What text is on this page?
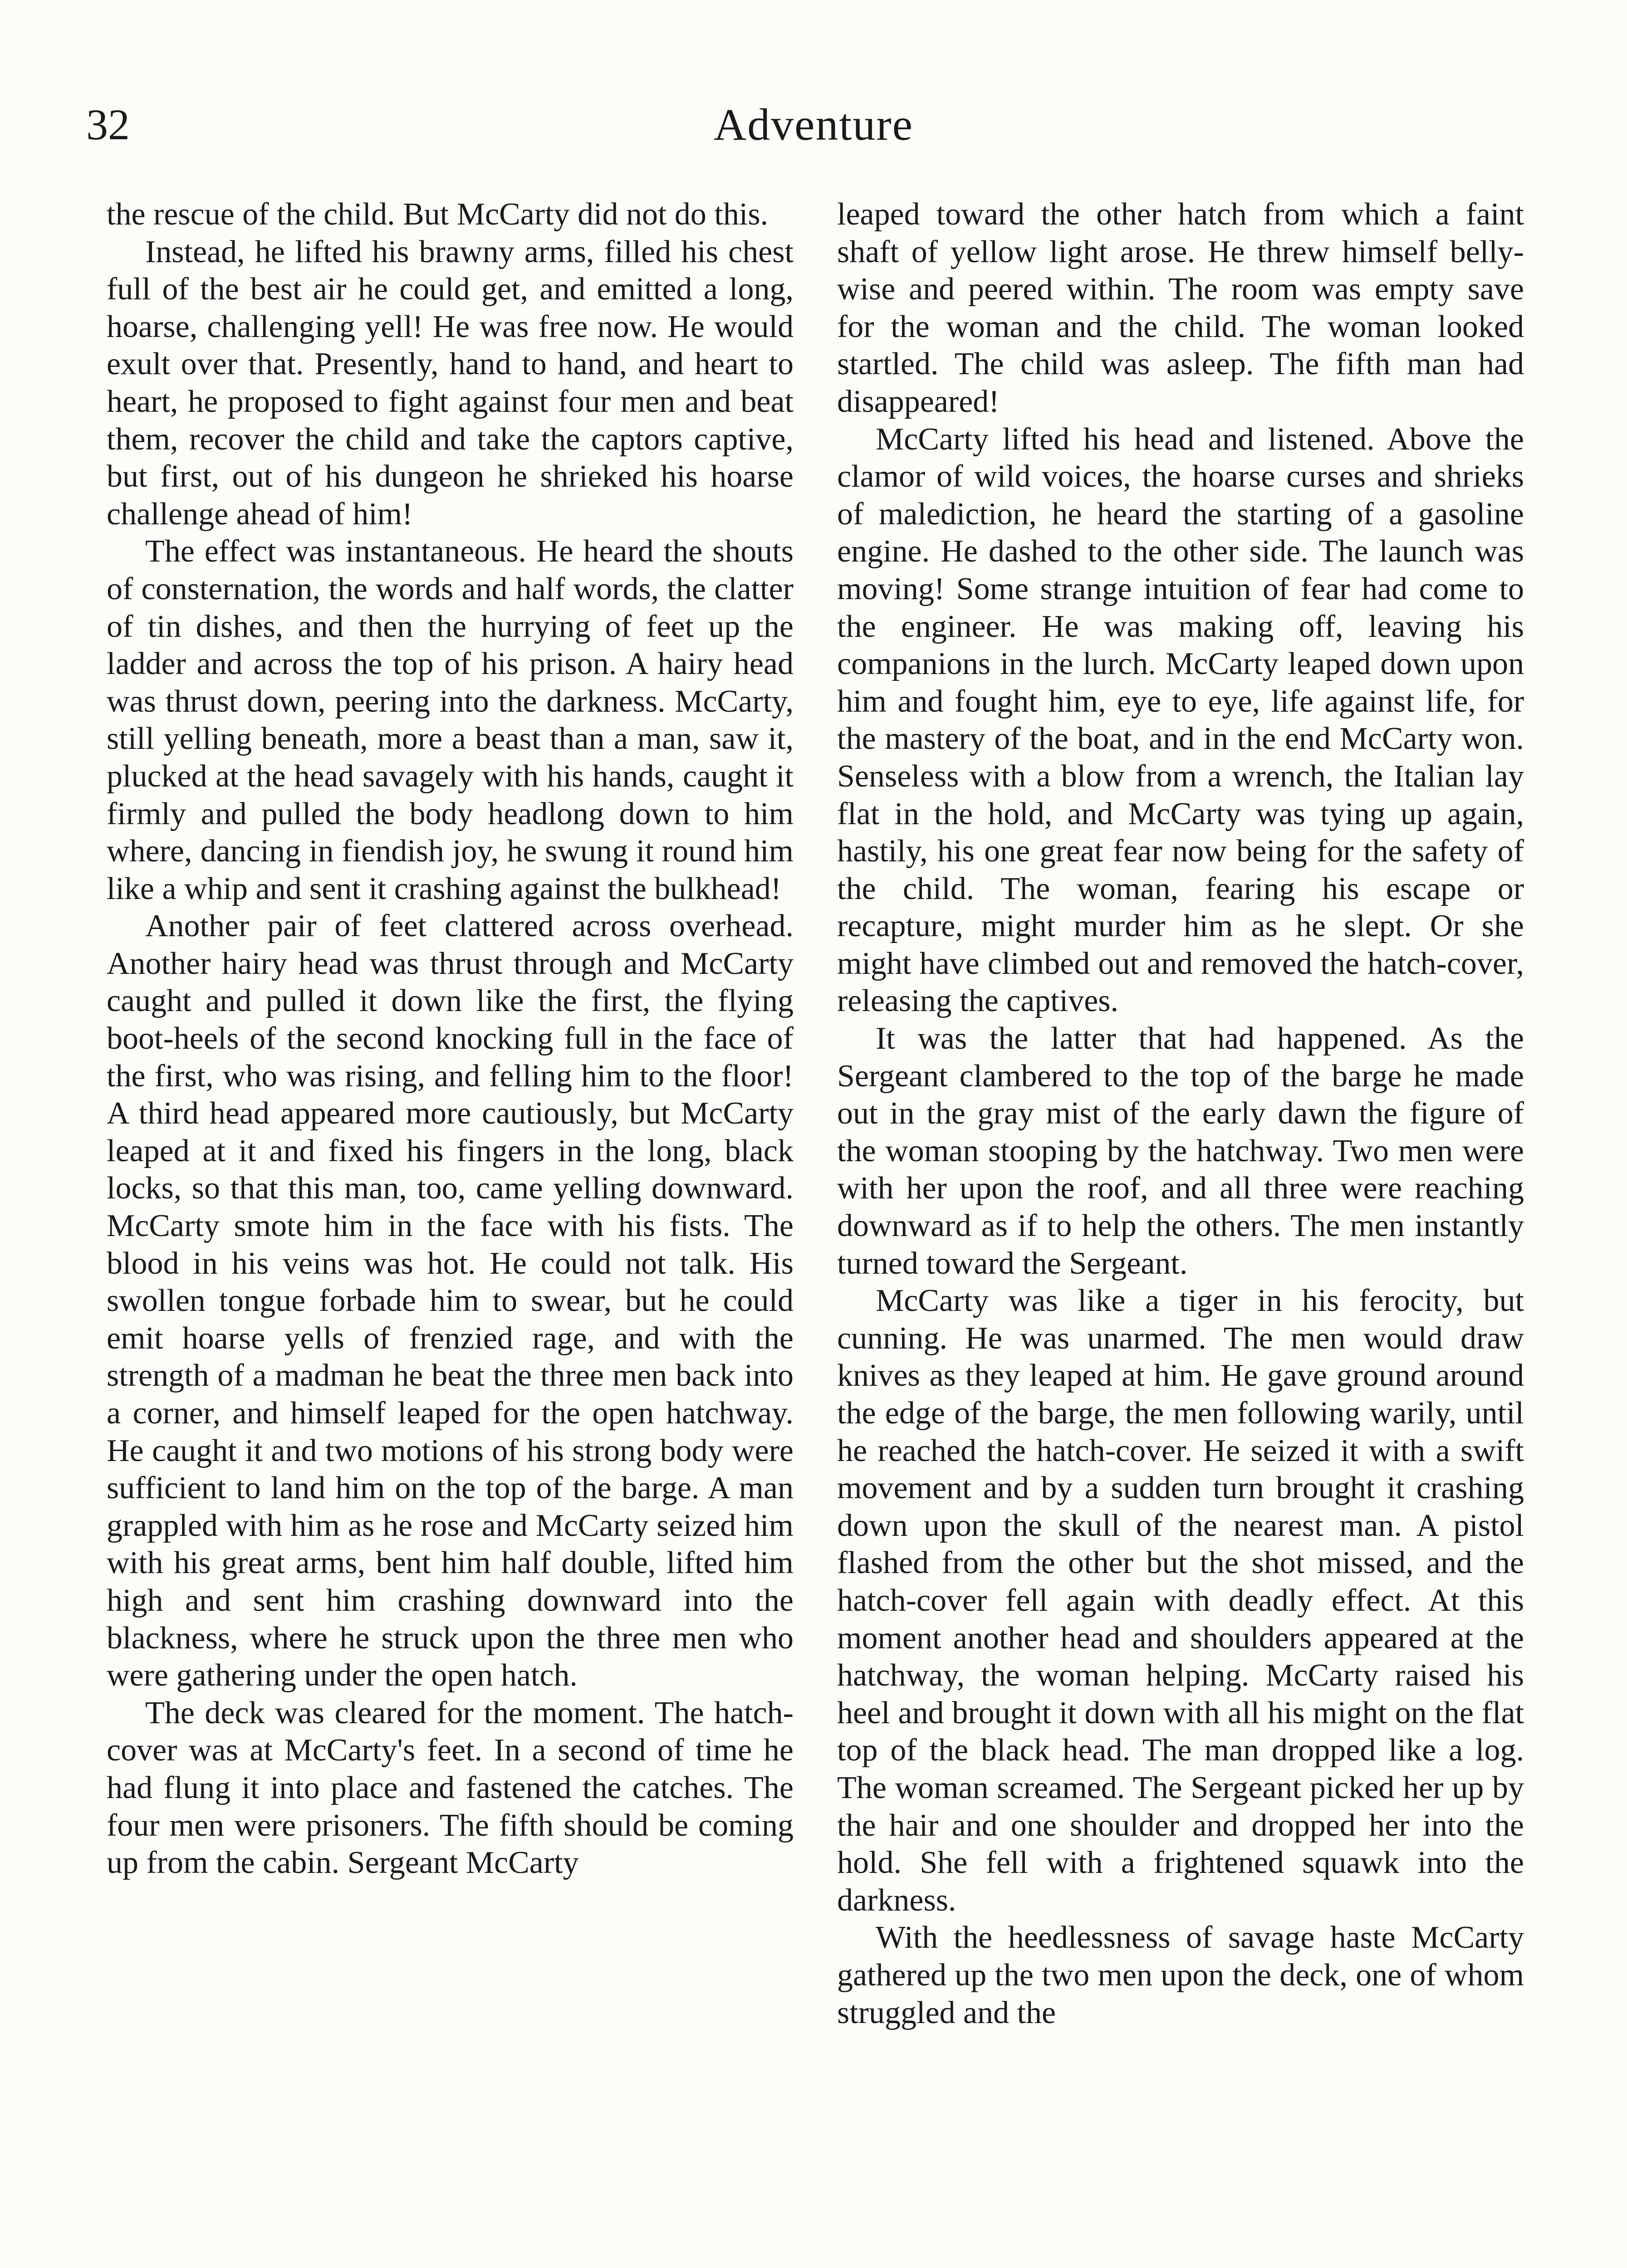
32	Adventure

the rescue of the child. But McCarty did not do this.

Instead, he lifted his brawny arms, filled his chest full of the best air he could get, and emitted a long, hoarse, challenging yell! He was free now. He would exult over that. Presently, hand to hand, and heart to heart, he proposed to fight against four men and beat them, recover the child and take the captors captive, but first, out of his dungeon he shrieked his hoarse challenge ahead of him!

The effect was instantaneous. He heard the shouts of consternation, the words and half words, the clatter of tin dishes, and then the hurrying of feet up the ladder and across the top of his prison. A hairy head was thrust down, peering into the darkness. McCarty, still yelling beneath, more a beast than a man, saw it, plucked at the head savagely with his hands, caught it firmly and pulled the body headlong down to him where, dancing in fiendish joy, he swung it round him like a whip and sent it crashing against the bulkhead!

Another pair of feet clattered across overhead. Another hairy head was thrust through and McCarty caught and pulled it down like the first, the flying boot-heels of the second knocking full in the face of the first, who was rising, and felling him to the floor! A third head appeared more cautiously, but McCarty leaped at it and fixed his fingers in the long, black locks, so that this man, too, came yelling downward. McCarty smote him in the face with his fists. The blood in his veins was hot. He could not talk. His swollen tongue forbade him to swear, but he could emit hoarse yells of frenzied rage, and with the strength of a madman he beat the three men back into a corner, and himself leaped for the open hatchway. He caught it and two motions of his strong body were sufficient to land him on the top of the barge. A man grappled with him as he rose and McCarty seized him with his great arms, bent him half double, lifted him high and sent him crashing downward into the blackness, where he struck upon the three men who were gathering under the open hatch.

The deck was cleared for the moment. The hatch-cover was at McCarty's feet. In a second of time he had flung it into place and fastened the catches. The four men were prisoners. The fifth should be coming up from the cabin. Sergeant McCarty

leaped toward the other hatch from which a faint shaft of yellow light arose. He threw himself belly-wise and peered within. The room was empty save for the woman and the child. The woman looked startled. The child was asleep. The fifth man had disappeared!

McCarty lifted his head and listened. Above the clamor of wild voices, the hoarse curses and shrieks of malediction, he heard the starting of a gasoline engine. He dashed to the other side. The launch was moving! Some strange intuition of fear had come to the engineer. He was making off, leaving his companions in the lurch. McCarty leaped down upon him and fought him, eye to eye, life against life, for the mastery of the boat, and in the end McCarty won. Senseless with a blow from a wrench, the Italian lay flat in the hold, and McCarty was tying up again, hastily, his one great fear now being for the safety of the child. The woman, fearing his escape or recapture, might murder him as he slept. Or she might have climbed out and removed the hatch-cover, releasing the captives.

It was the latter that had happened. As the Sergeant clambered to the top of the barge he made out in the gray mist of the early dawn the figure of the woman stooping by the hatchway. Two men were with her upon the roof, and all three were reaching downward as if to help the others. The men instantly turned toward the Sergeant.

McCarty was like a tiger in his ferocity, but cunning. He was unarmed. The men would draw knives as they leaped at him. He gave ground around the edge of the barge, the men following warily, until he reached the hatch-cover. He seized it with a swift movement and by a sudden turn brought it crashing down upon the skull of the nearest man. A pistol flashed from the other but the shot missed, and the hatch-cover fell again with deadly effect. At this moment another head and shoulders appeared at the hatchway, the woman helping. McCarty raised his heel and brought it down with all his might on the flat top of the black head. The man dropped like a log. The woman screamed. The Sergeant picked her up by the hair and one shoulder and dropped her into the hold. She fell with a frightened squawk into the darkness.

With the heedlessness of savage haste McCarty gathered up the two men upon the deck, one of whom struggled and the
